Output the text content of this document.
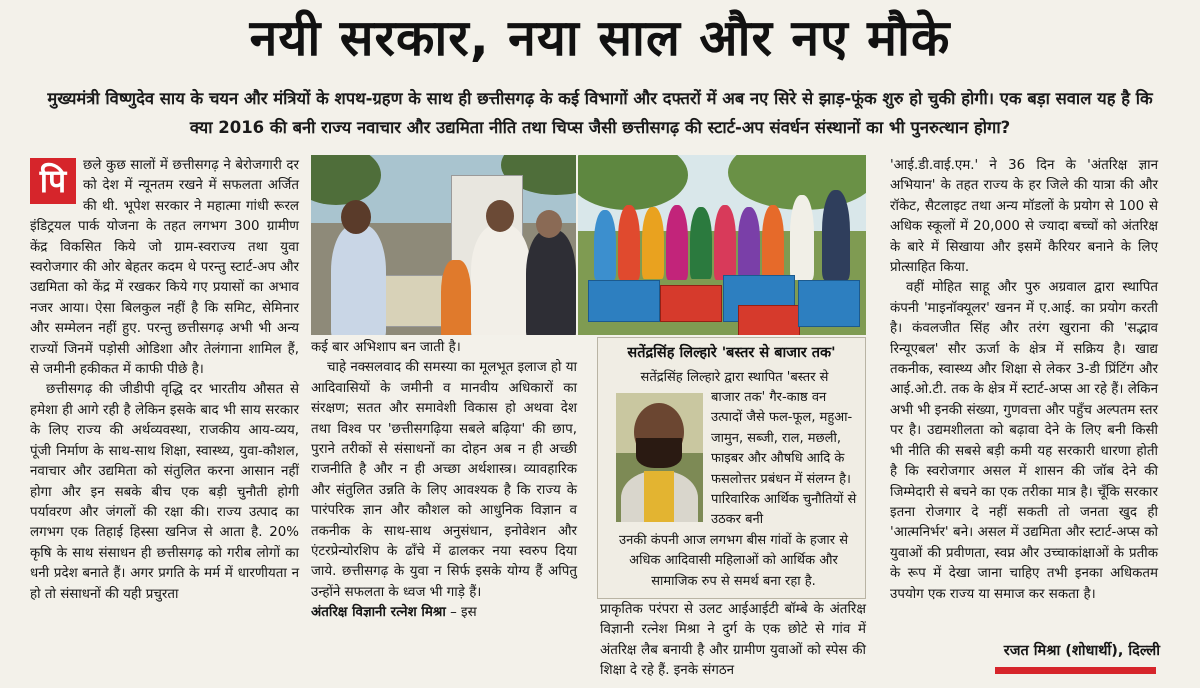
नयी सरकार, नया साल और नए मौके
मुख्यमंत्री विष्णुदेव साय के चयन और मंत्रियों के शपथ-ग्रहण के साथ ही छत्तीसगढ़ के कई विभागों और दफ्तरों में अब नए सिरे से झाड़-फूंक शुरु हो चुकी होगी। एक बड़ा सवाल यह है कि क्या 2016 की बनी राज्य नवाचार और उद्यमिता नीति तथा चिप्स जैसी छत्तीसगढ़ की स्टार्ट-अप संवर्धन संस्थानों का भी पुनरुत्थान होगा?
पि	छले कुछ सालों में छत्तीसगढ़ ने बेरोजगारी दर को देश में न्यूनतम रखने में सफलता अर्जित की थी. भूपेश सरकार ने महात्मा गांधी रूरल इंडिट्रयल पार्क योजना के तहत लगभग 300 ग्रामीण केंद्र विकसित किये जो ग्राम-स्वराज्य तथा युवा स्वरोजगार की ओर बेहतर कदम थे परन्तु स्टार्ट-अप और उद्यमिता को केंद्र में रखकर किये गए प्रयासों का अभाव नजर आया। ऐसा बिलकुल नहीं है कि समिट, सेमिनार और सम्मेलन नहीं हुए. परन्तु छत्तीसगढ़ अभी भी अन्य राज्यों जिनमें पड़ोसी ओडिशा और तेलंगाना शामिल हैं, से जमीनी हकीकत में काफी पीछे है।

छत्तीसगढ़ की जीडीपी वृद्धि दर भारतीय औसत से हमेशा ही आगे रही है लेकिन इसके बाद भी साय सरकार के लिए राज्य की अर्थव्यवस्था, राजकीय आय-व्यय, पूंजी निर्माण के साथ-साथ शिक्षा, स्वास्थ्य, युवा-कौशल, नवाचार और उद्यमिता को संतुलित करना आसान नहीं होगा और इन सबके बीच एक बड़ी चुनौती होगी पर्यावरण और जंगलों की रक्षा की। राज्य उत्पाद का लगभग एक तिहाई हिस्सा खनिज से आता है. 20% कृषि के साथ संसाधन ही छत्तीसगढ़ को गरीब लोगों का धनी प्रदेश बनाते हैं। अगर प्रगति के मर्म में धारणीयता न हो तो संसाधनों की यही प्रचुरता

कई बार अभिशाप बन जाती है।

चाहे नक्सलवाद की समस्या का मूलभूत इलाज हो या आदिवासियों के जमीनी व मानवीय अधिकारों का संरक्षण; सतत और समावेशी विकास हो अथवा देश तथा विश्व पर 'छत्तीसगढ़िया सबले बढ़िया' की छाप, पुराने तरीकों से संसाधनों का दोहन अब न ही अच्छी राजनीति है और न ही अच्छा अर्थशास्त्र। व्यावहारिक और संतुलित उन्नति के लिए आवश्यक है कि राज्य के पारंपरिक ज्ञान और कौशल को आधुनिक विज्ञान व तकनीक के साथ-साथ अनुसंधान, इनोवेशन और एंटरप्रेन्योरशिप के ढाँचे में ढालकर नया स्वरुप दिया जाये. छत्तीसगढ़ के युवा न सिर्फ इसके योग्य हैं अपितु उन्होंने सफलता के ध्वज भी गाड़े हैं।

अंतरिक्ष विज्ञानी रत्नेश मिश्रा – इस

सतेंद्रसिंह लिल्हारे 'बस्तर से बाजार तक'
सतेंद्रसिंह लिल्हारे द्वारा स्थापित 'बस्तर से
बाजार तक' गैर-काष्ठ वन उत्पादों जैसे फल-फूल, महुआ-जामुन, सब्जी, राल, मछली, फाइबर और औषधि आदि के फसलोत्तर प्रबंधन में संलग्न है। पारिवारिक आर्थिक चुनौतियों से उठकर बनी
उनकी कंपनी आज लगभग बीस गांवों के हजार से अधिक आदिवासी महिलाओं को आर्थिक और सामाजिक रुप से समर्थ बना रहा है.

प्राकृतिक परंपरा से उलट आईआईटी बॉम्बे के अंतरिक्ष विज्ञानी रत्नेश मिश्रा ने दुर्ग के एक छोटे से गांव में अंतरिक्ष लैब बनायी है और ग्रामीण युवाओं को स्पेस की शिक्षा दे रहे हैं. इनके संगठन

'आई.डी.वाई.एम.' ने 36 दिन के 'अंतरिक्ष ज्ञान अभियान' के तहत राज्य के हर जिले की यात्रा की और रॉकेट, सैटलाइट तथा अन्य मॉडलों के प्रयोग से 100 से अधिक स्कूलों में 20,000 से ज्यादा बच्चों को अंतरिक्ष के बारे में सिखाया और इसमें कैरियर बनाने के लिए प्रोत्साहित किया.

वहीं मोहित साहू और पुरु अग्रवाल द्वारा स्थापित कंपनी 'माइनॉक्यूलर' खनन में ए.आई. का प्रयोग करती है। कंवलजीत सिंह और तरंग खुराना की 'सद्भाव रिन्यूएबल' सौर ऊर्जा के क्षेत्र में सक्रिय है। खाद्य तकनीक, स्वास्थ्य और शिक्षा से लेकर 3-डी प्रिंटिंग और आई.ओ.टी. तक के क्षेत्र में स्टार्ट-अप्स आ रहे हैं। लेकिन अभी भी इनकी संख्या, गुणवत्ता और पहुँच अल्पतम स्तर पर है। उद्यमशीलता को बढ़ावा देने के लिए बनी किसी भी नीति की सबसे बड़ी कमी यह सरकारी धारणा होती है कि स्वरोजगार असल में शासन की जॉब देने की जिम्मेदारी से बचने का एक तरीका मात्र है। चूँकि सरकार इतना रोजगार दे नहीं सकती तो जनता खुद ही 'आत्मनिर्भर' बने। असल में उद्यमिता और स्टार्ट-अप्स को युवाओं की प्रवीणता, स्वप्न और उच्चाकांक्षाओं के प्रतीक के रूप में देखा जाना चाहिए तभी इनका अधिकतम उपयोग एक राज्य या समाज कर सकता है।

रजत मिश्रा (शोधार्थी), दिल्ली
